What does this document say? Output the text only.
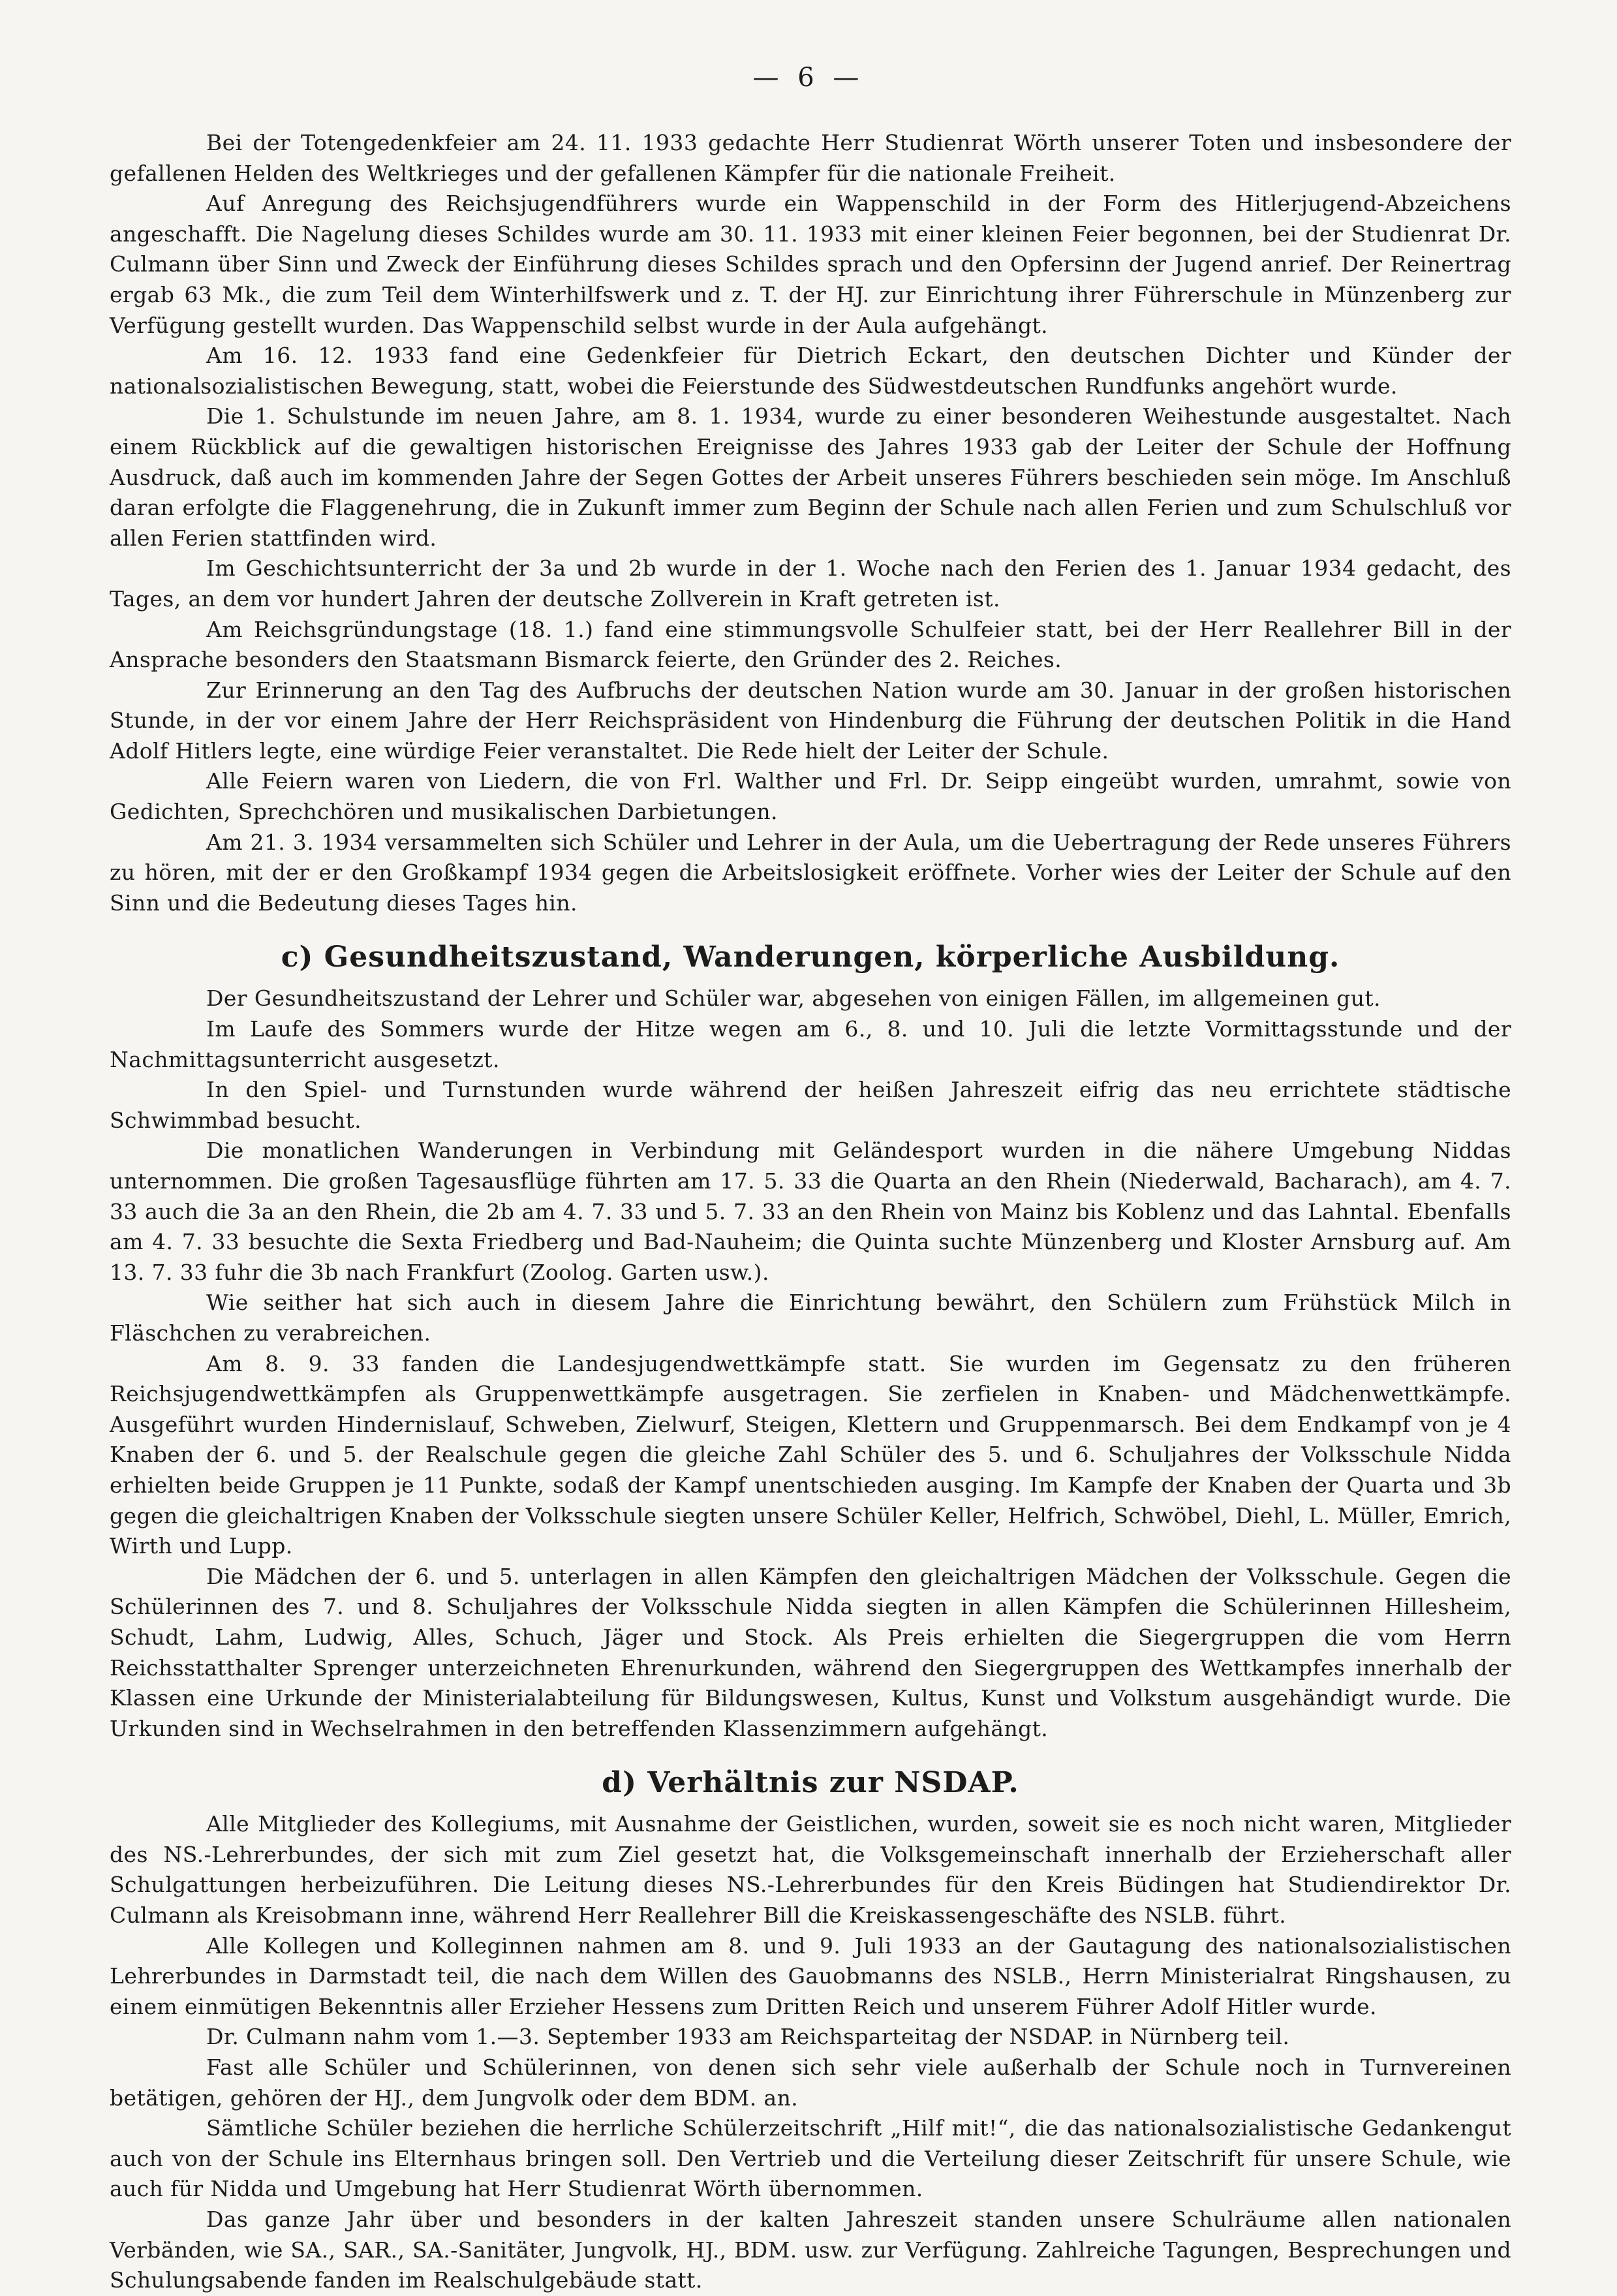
— 6 —

Bei der Totengedenkfeier am 24. 11. 1933 gedachte Herr Studienrat Wörth unserer Toten und insbesondere der gefallenen Helden des Weltkrieges und der gefallenen Kämpfer für die nationale Freiheit.

Auf Anregung des Reichsjugendführers wurde ein Wappenschild in der Form des Hitlerjugend-Abzeichens angeschafft. Die Nagelung dieses Schildes wurde am 30. 11. 1933 mit einer kleinen Feier begonnen, bei der Studienrat Dr. Culmann über Sinn und Zweck der Einführung dieses Schildes sprach und den Opfersinn der Jugend anrief. Der Reinertrag ergab 63 Mk., die zum Teil dem Winterhilfswerk und z. T. der HJ. zur Einrichtung ihrer Führerschule in Münzenberg zur Verfügung gestellt wurden. Das Wappenschild selbst wurde in der Aula aufgehängt.

Am 16. 12. 1933 fand eine Gedenkfeier für Dietrich Eckart, den deutschen Dichter und Künder der nationalsozialistischen Bewegung, statt, wobei die Feierstunde des Südwestdeutschen Rundfunks angehört wurde.

Die 1. Schulstunde im neuen Jahre, am 8. 1. 1934, wurde zu einer besonderen Weihestunde ausgestaltet. Nach einem Rückblick auf die gewaltigen historischen Ereignisse des Jahres 1933 gab der Leiter der Schule der Hoffnung Ausdruck, daß auch im kommenden Jahre der Segen Gottes der Arbeit unseres Führers beschieden sein möge. Im Anschluß daran erfolgte die Flaggenehrung, die in Zukunft immer zum Beginn der Schule nach allen Ferien und zum Schulschluß vor allen Ferien stattfinden wird.

Im Geschichtsunterricht der 3a und 2b wurde in der 1. Woche nach den Ferien des 1. Januar 1934 gedacht, des Tages, an dem vor hundert Jahren der deutsche Zollverein in Kraft getreten ist.

Am Reichsgründungstage (18. 1.) fand eine stimmungsvolle Schulfeier statt, bei der Herr Reallehrer Bill in der Ansprache besonders den Staatsmann Bismarck feierte, den Gründer des 2. Reiches.

Zur Erinnerung an den Tag des Aufbruchs der deutschen Nation wurde am 30. Januar in der großen historischen Stunde, in der vor einem Jahre der Herr Reichspräsident von Hindenburg die Führung der deutschen Politik in die Hand Adolf Hitlers legte, eine würdige Feier veranstaltet. Die Rede hielt der Leiter der Schule.

Alle Feiern waren von Liedern, die von Frl. Walther und Frl. Dr. Seipp eingeübt wurden, umrahmt, sowie von Gedichten, Sprechchören und musikalischen Darbietungen.

Am 21. 3. 1934 versammelten sich Schüler und Lehrer in der Aula, um die Uebertragung der Rede unseres Führers zu hören, mit der er den Großkampf 1934 gegen die Arbeitslosigkeit eröffnete. Vorher wies der Leiter der Schule auf den Sinn und die Bedeutung dieses Tages hin.

c) Gesundheitszustand, Wanderungen, körperliche Ausbildung.

Der Gesundheitszustand der Lehrer und Schüler war, abgesehen von einigen Fällen, im allgemeinen gut.

Im Laufe des Sommers wurde der Hitze wegen am 6., 8. und 10. Juli die letzte Vormittagsstunde und der Nachmittagsunterricht ausgesetzt.

In den Spiel- und Turnstunden wurde während der heißen Jahreszeit eifrig das neu errichtete städtische Schwimmbad besucht.

Die monatlichen Wanderungen in Verbindung mit Geländesport wurden in die nähere Umgebung Niddas unternommen. Die großen Tagesausflüge führten am 17. 5. 33 die Quarta an den Rhein (Niederwald, Bacharach), am 4. 7. 33 auch die 3a an den Rhein, die 2b am 4. 7. 33 und 5. 7. 33 an den Rhein von Mainz bis Koblenz und das Lahntal. Ebenfalls am 4. 7. 33 besuchte die Sexta Friedberg und Bad-Nauheim; die Quinta suchte Münzenberg und Kloster Arnsburg auf. Am 13. 7. 33 fuhr die 3b nach Frankfurt (Zoolog. Garten usw.).

Wie seither hat sich auch in diesem Jahre die Einrichtung bewährt, den Schülern zum Frühstück Milch in Fläschchen zu verabreichen.

Am 8. 9. 33 fanden die Landesjugendwettkämpfe statt. Sie wurden im Gegensatz zu den früheren Reichsjugendwettkämpfen als Gruppenwettkämpfe ausgetragen. Sie zerfielen in Knaben- und Mädchenwettkämpfe. Ausgeführt wurden Hindernislauf, Schweben, Zielwurf, Steigen, Klettern und Gruppenmarsch. Bei dem Endkampf von je 4 Knaben der 6. und 5. der Realschule gegen die gleiche Zahl Schüler des 5. und 6. Schuljahres der Volksschule Nidda erhielten beide Gruppen je 11 Punkte, sodaß der Kampf unentschieden ausging. Im Kampfe der Knaben der Quarta und 3b gegen die gleichaltrigen Knaben der Volksschule siegten unsere Schüler Keller, Helfrich, Schwöbel, Diehl, L. Müller, Emrich, Wirth und Lupp.

Die Mädchen der 6. und 5. unterlagen in allen Kämpfen den gleichaltrigen Mädchen der Volksschule. Gegen die Schülerinnen des 7. und 8. Schuljahres der Volksschule Nidda siegten in allen Kämpfen die Schülerinnen Hillesheim, Schudt, Lahm, Ludwig, Alles, Schuch, Jäger und Stock. Als Preis erhielten die Siegergruppen die vom Herrn Reichsstatthalter Sprenger unterzeichneten Ehrenurkunden, während den Siegergruppen des Wettkampfes innerhalb der Klassen eine Urkunde der Ministerialabteilung für Bildungswesen, Kultus, Kunst und Volkstum ausgehändigt wurde. Die Urkunden sind in Wechselrahmen in den betreffenden Klassenzimmern aufgehängt.

d) Verhältnis zur NSDAP.

Alle Mitglieder des Kollegiums, mit Ausnahme der Geistlichen, wurden, soweit sie es noch nicht waren, Mitglieder des NS.-Lehrerbundes, der sich mit zum Ziel gesetzt hat, die Volksgemeinschaft innerhalb der Erzieherschaft aller Schulgattungen herbeizuführen. Die Leitung dieses NS.-Lehrerbundes für den Kreis Büdingen hat Studiendirektor Dr. Culmann als Kreisobmann inne, während Herr Reallehrer Bill die Kreiskassengeschäfte des NSLB. führt.

Alle Kollegen und Kolleginnen nahmen am 8. und 9. Juli 1933 an der Gautagung des nationalsozialistischen Lehrerbundes in Darmstadt teil, die nach dem Willen des Gauobmanns des NSLB., Herrn Ministerialrat Ringshausen, zu einem einmütigen Bekenntnis aller Erzieher Hessens zum Dritten Reich und unserem Führer Adolf Hitler wurde.

Dr. Culmann nahm vom 1.—3. September 1933 am Reichsparteitag der NSDAP. in Nürnberg teil.

Fast alle Schüler und Schülerinnen, von denen sich sehr viele außerhalb der Schule noch in Turnvereinen betätigen, gehören der HJ., dem Jungvolk oder dem BDM. an.

Sämtliche Schüler beziehen die herrliche Schülerzeitschrift „Hilf mit!“, die das nationalsozialistische Gedankengut auch von der Schule ins Elternhaus bringen soll. Den Vertrieb und die Verteilung dieser Zeitschrift für unsere Schule, wie auch für Nidda und Umgebung hat Herr Studienrat Wörth übernommen.

Das ganze Jahr über und besonders in der kalten Jahreszeit standen unsere Schulräume allen nationalen Verbänden, wie SA., SAR., SA.-Sanitäter, Jungvolk, HJ., BDM. usw. zur Verfügung. Zahlreiche Tagungen, Besprechungen und Schulungsabende fanden im Realschulgebäude statt.
